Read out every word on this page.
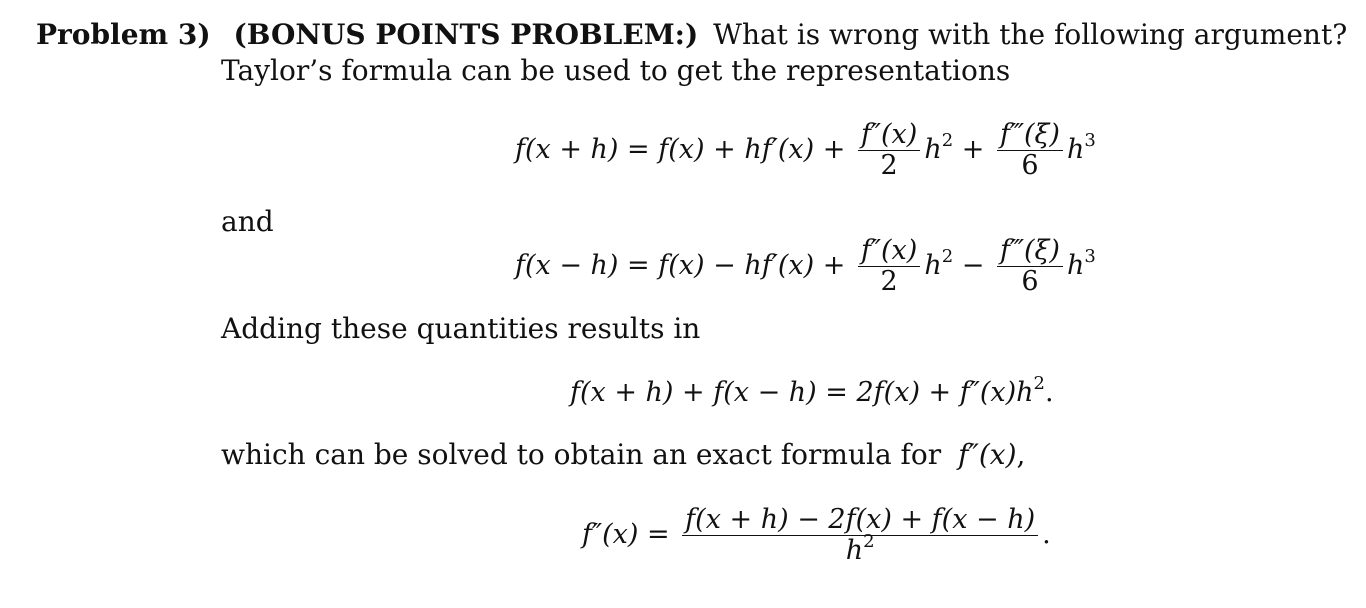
Problem 3) (BONUS POINTS PROBLEM:) What is wrong with the following argument?
Taylor’s formula can be used to get the representations
$f(x + h) = f(x) + hf'(x) + \frac{f''(x)}{2} h^2 + \frac{f‴(\xi)}{6} h^3$
and
$f(x - h) = f(x) - hf'(x) + \frac{f''(x)}{2} h^2 - \frac{f‴(\xi)}{6} h^3$
Adding these quantities results in
$f(x + h) + f(x - h) = 2f(x) + f''(x)h^2$.
which can be solved to obtain an exact formula for f″(x),
$f''(x) = \frac{f(x + h) - 2f(x) + f(x - h)}{h^2}$ .
